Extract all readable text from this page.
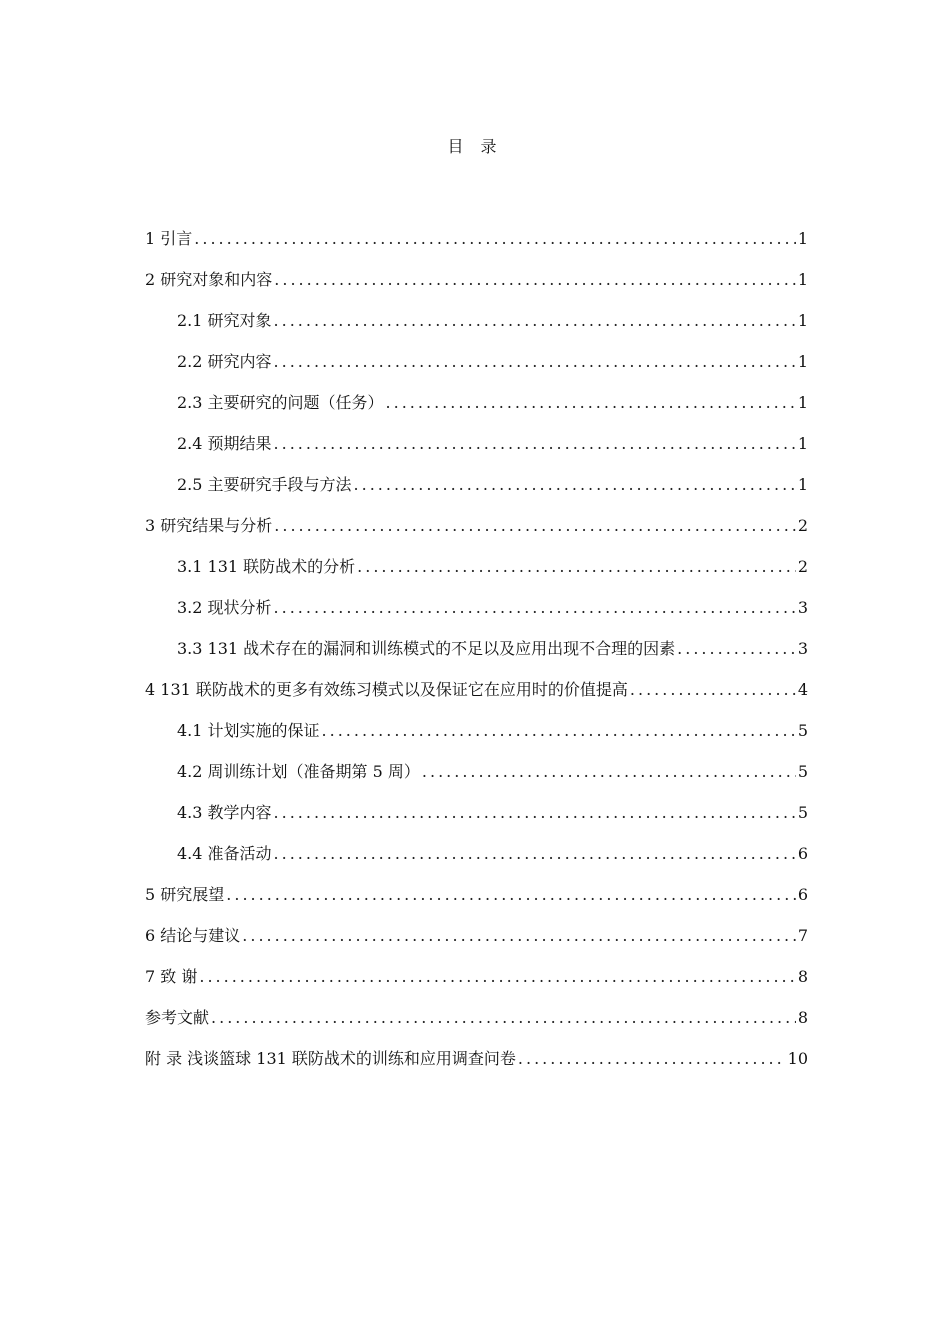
目 录
1 引言 .....	1
2 研究对象和内容 .....	1
2.1 研究对象 .....	1
2.2 研究内容 .....	1
2.3 主要研究的问题（任务） .....	1
2.4 预期结果 .....	1
2.5 主要研究手段与方法 .....	1
3 研究结果与分析 .....	2
3.1 131 联防战术的分析 .....	2
3.2 现状分析 .....	3
3.3 131 战术存在的漏洞和训练模式的不足以及应用出现不合理的因素 .....	3
4 131 联防战术的更多有效练习模式以及保证它在应用时的价值提高 .....	4
4.1 计划实施的保证 .....	5
4.2 周训练计划（准备期第 5 周） .....	5
4.3 教学内容 .....	5
4.4 准备活动 .....	6
5 研究展望 .....	6
6 结论与建议 .....	7
7 致 谢 .....	8
参考文献 .....	8
附 录 浅谈篮球 131 联防战术的训练和应用调查问卷 .....	10
